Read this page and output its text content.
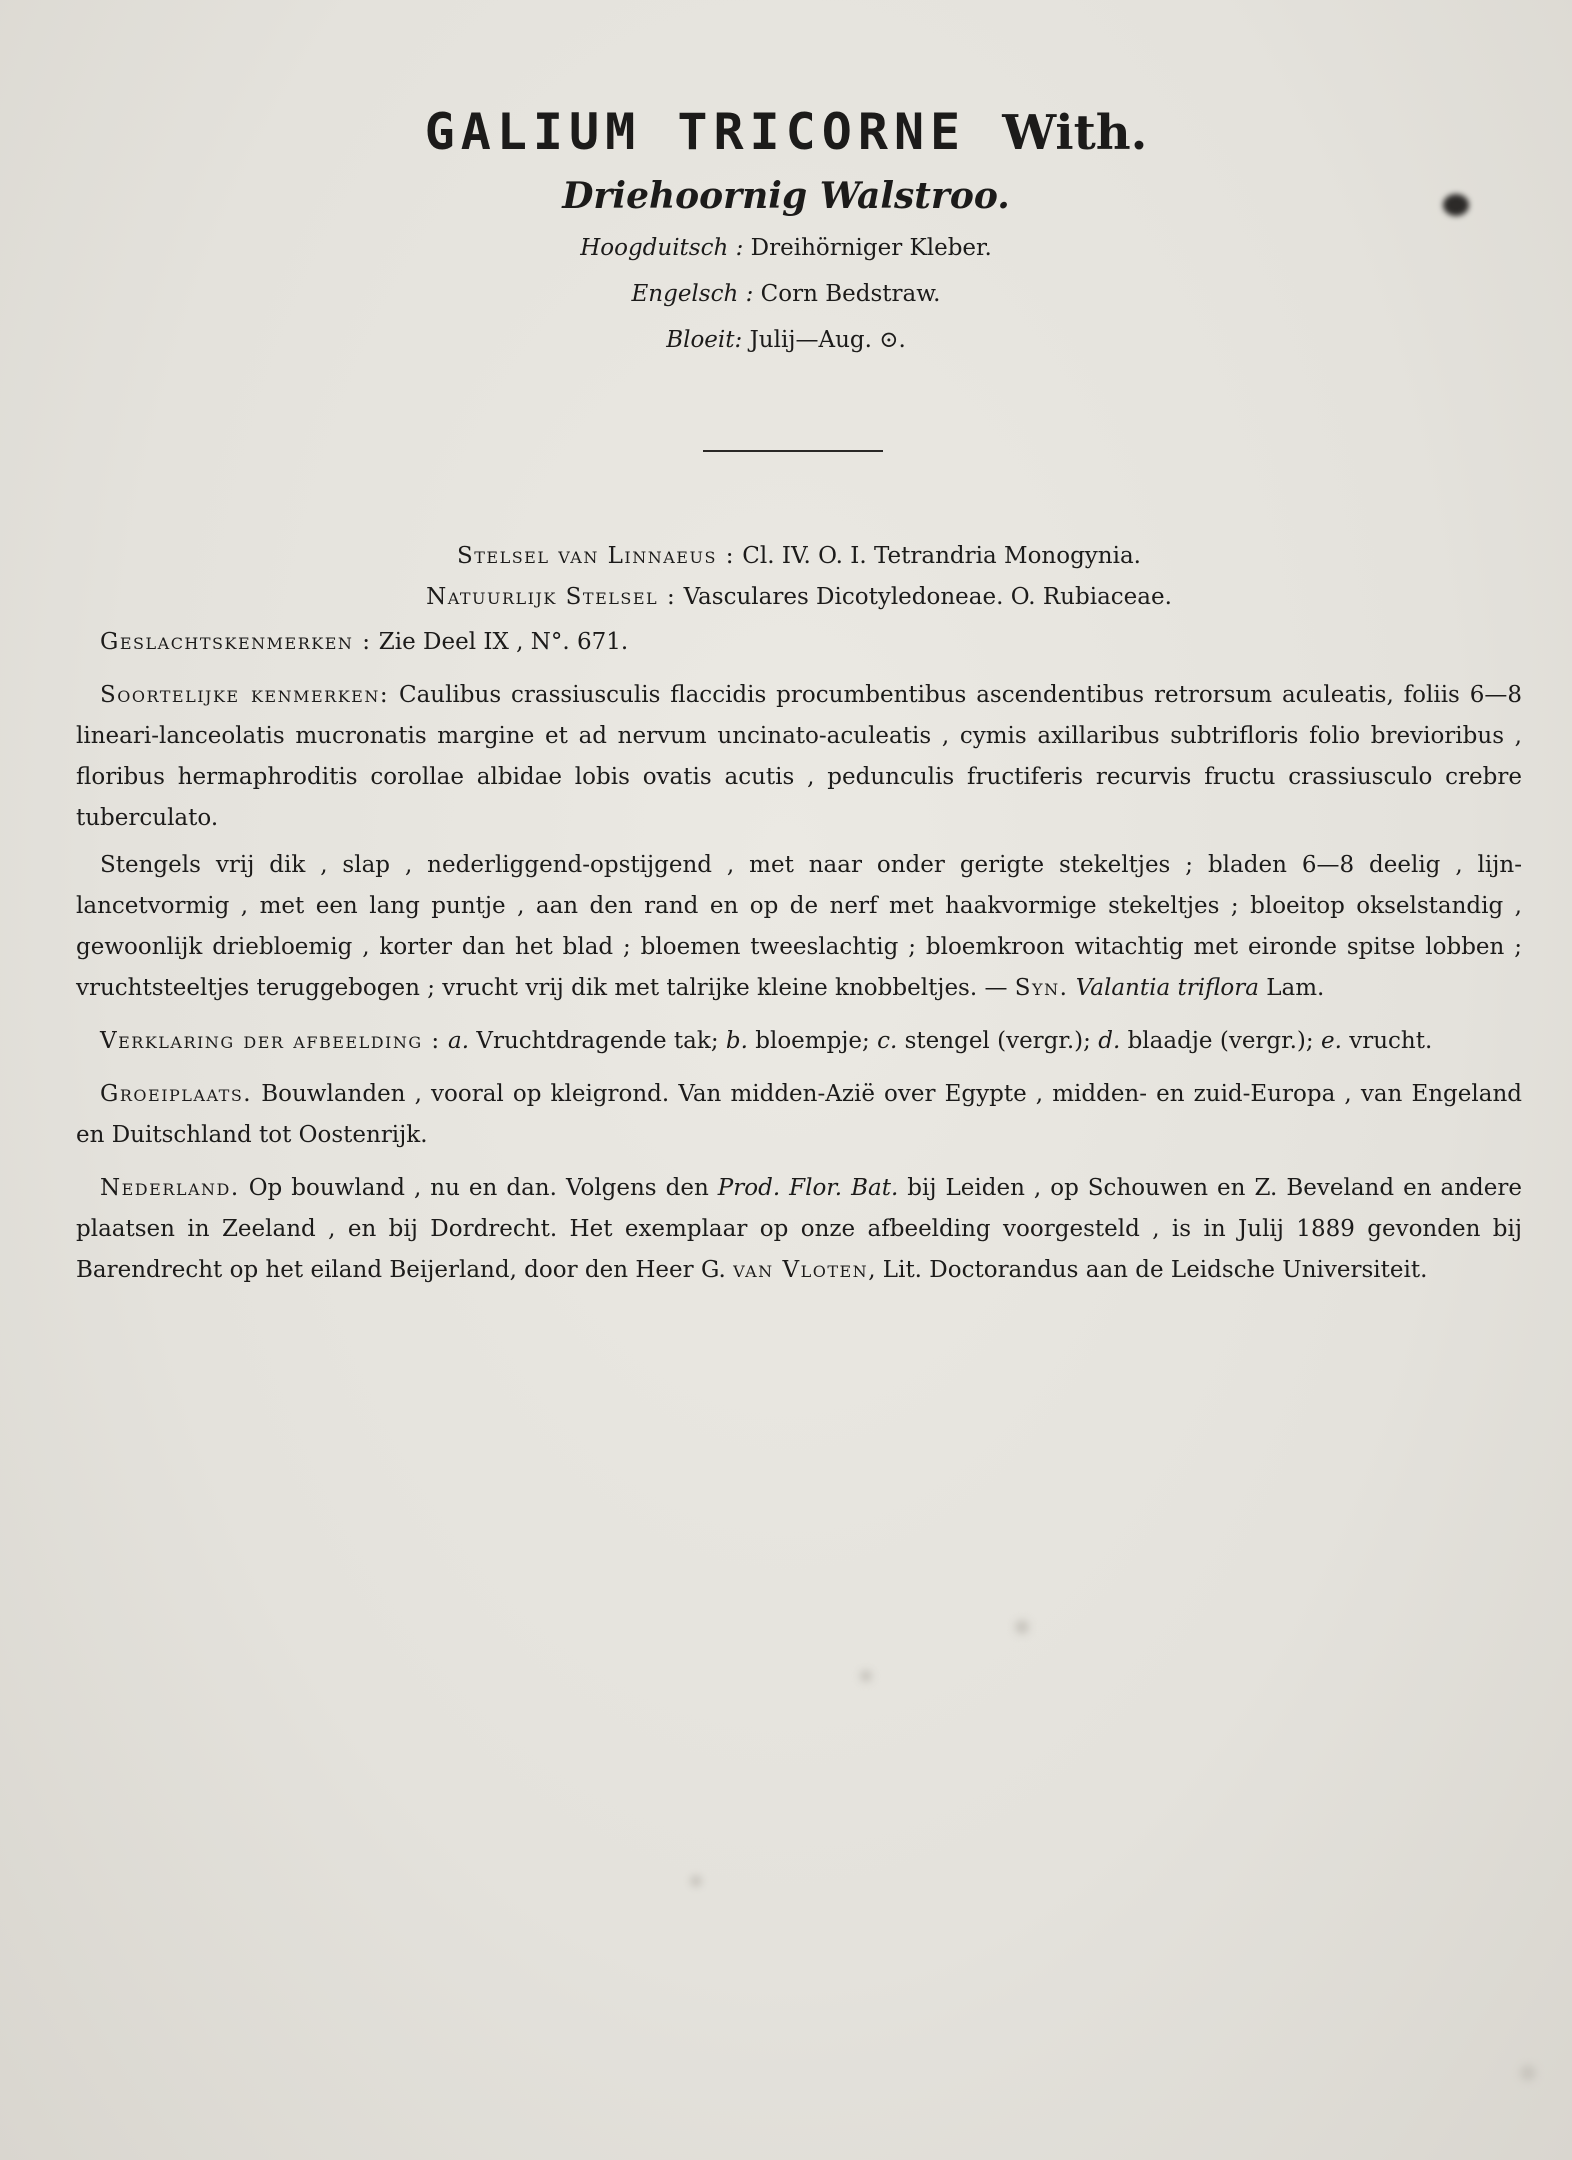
GALIUM TRICORNE With.

Driehoornig Walstroo.

Hoogduitsch : Dreihörniger Kleber.

Engelsch : Corn Bedstraw.

Bloeit: Julij—Aug. ⊙.

Stelsel van Linnaeus : Cl. IV. O. I. Tetrandria Monogynia.

Natuurlijk Stelsel : Vasculares Dicotyledoneae. O. Rubiaceae.

Geslachtskenmerken : Zie Deel IX , N°. 671.

Soortelijke kenmerken: Caulibus crassiusculis flaccidis procumbentibus ascendentibus retrorsum aculeatis, foliis 6—8 lineari-lanceolatis mucronatis margine et ad nervum uncinato-aculeatis , cymis axillaribus subtrifloris folio brevioribus , floribus hermaphroditis corollae albidae lobis ovatis acutis , pedunculis fructiferis recurvis fructu crassiusculo crebre tuberculato.

Stengels vrij dik , slap , nederliggend-opstijgend , met naar onder gerigte stekeltjes ; bladen 6—8 deelig , lijn-lancetvormig , met een lang puntje , aan den rand en op de nerf met haakvormige stekeltjes ; bloeitop okselstandig , gewoonlijk driebloemig , korter dan het blad ; bloemen tweeslachtig ; bloemkroon witachtig met eironde spitse lobben ; vruchtsteeltjes teruggebogen ; vrucht vrij dik met talrijke kleine knobbeltjes. — Syn. Valantia triflora Lam.

Verklaring der afbeelding : a. Vruchtdragende tak; b. bloempje; c. stengel (vergr.); d. blaadje (vergr.); e. vrucht.

Groeiplaats. Bouwlanden , vooral op kleigrond. Van midden-Azië over Egypte , midden- en zuid-Europa , van Engeland en Duitschland tot Oostenrijk.

Nederland. Op bouwland , nu en dan. Volgens den Prod. Flor. Bat. bij Leiden , op Schouwen en Z. Beveland en andere plaatsen in Zeeland , en bij Dordrecht. Het exemplaar op onze afbeelding voorgesteld , is in Julij 1889 gevonden bij Barendrecht op het eiland Beijerland, door den Heer G. van Vloten, Lit. Doctorandus aan de Leidsche Universiteit.
